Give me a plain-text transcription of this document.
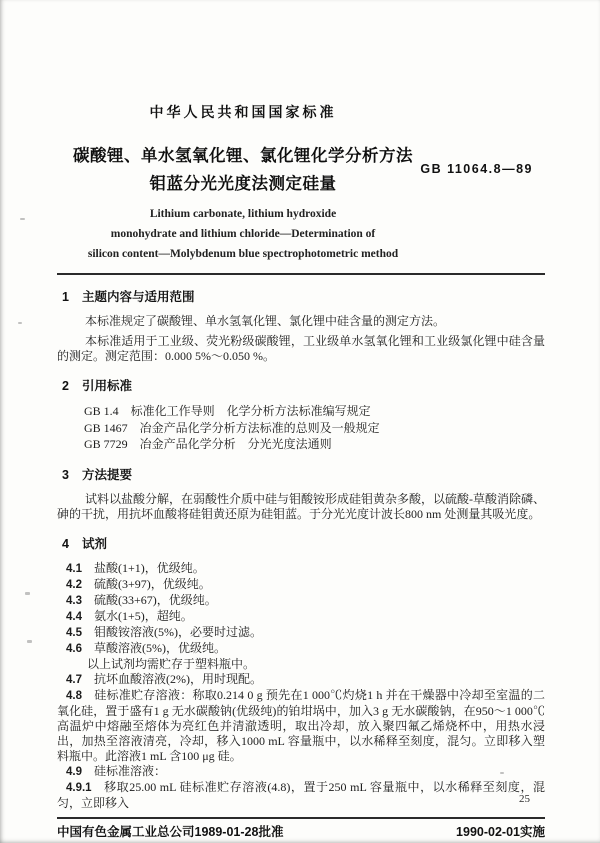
中华人民共和国国家标准
碳酸锂、单水氢氧化锂、氯化锂化学分析方法
钼蓝分光光度法测定硅量
Lithium carbonate, lithium hydroxide
monohydrate and lithium chloride—Determination of
silicon content—Molybdenum blue spectrophotometric method
GB 11064.8—89
1 主题内容与适用范围

本标准规定了碳酸锂、单水氢氧化锂、氯化锂中硅含量的测定方法。

本标准适用于工业级、荧光粉级碳酸锂，工业级单水氢氧化锂和工业级氯化锂中硅含量的测定。测定范围：0.000 5%～0.050 %。

2 引用标准

GB 1.4　标准化工作导则　化学分析方法标准编写规定

GB 1467　冶金产品化学分析方法标准的总则及一般规定

GB 7729　冶金产品化学分析　分光光度法通则

3 方法提要

试料以盐酸分解，在弱酸性介质中硅与钼酸铵形成硅钼黄杂多酸，以硫酸-草酸消除磷、砷的干扰，用抗坏血酸将硅钼黄还原为硅钼蓝。于分光光度计波长800 nm 处测量其吸光度。

4 试剂

4.1 盐酸(1+1)，优级纯。

4.2 硫酸(3+97)，优级纯。

4.3 硫酸(33+67)，优级纯。

4.4 氨水(1+5)，超纯。

4.5 钼酸铵溶液(5%)，必要时过滤。

4.6 草酸溶液(5%)，优级纯。

以上试剂均需贮存于塑料瓶中。

4.7 抗坏血酸溶液(2%)，用时现配。

4.8 硅标准贮存溶液：称取0.214 0 g 预先在1 000℃灼烧1 h 并在干燥器中冷却至室温的二氧化硅，置于盛有1 g 无水碳酸钠(优级纯)的铂坩埚中，加入3 g 无水碳酸钠，在950～1 000℃高温炉中熔融至熔体为亮红色并清澈透明，取出冷却，放入聚四氟乙烯烧杯中，用热水浸出，加热至溶液清亮，冷却，移入1000 mL 容量瓶中，以水稀释至刻度，混匀。立即移入塑料瓶中。此溶液1 mL 含100 μg 硅。

4.9 硅标准溶液：

4.9.1 移取25.00 mL 硅标准贮存溶液(4.8)，置于250 mL 容量瓶中，以水稀释至刻度，混匀，立即移入

中国有色金属工业总公司1989-01-28批准	1990-02-01实施
25
